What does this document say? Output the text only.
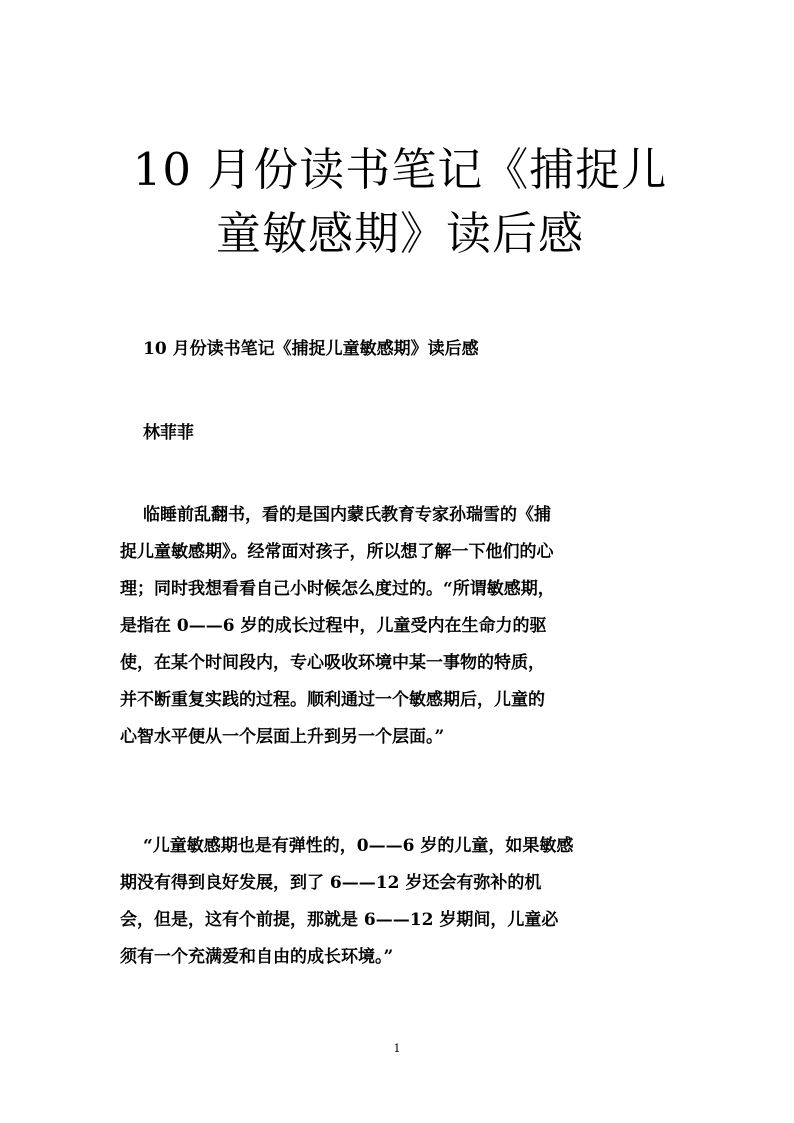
10 月份读书笔记《捕捉儿
童敏感期》读后感
10 月份读书笔记《捕捉儿童敏感期》读后感
林菲菲
临睡前乱翻书，看的是国内蒙氏教育专家孙瑞雪的《捕
捉儿童敏感期》。经常面对孩子，所以想了解一下他们的心
理；同时我想看看自己小时候怎么度过的。“所谓敏感期，
是指在 0——6 岁的成长过程中，儿童受内在生命力的驱
使，在某个时间段内，专心吸收环境中某一事物的特质，
并不断重复实践的过程。顺利通过一个敏感期后，儿童的
心智水平便从一个层面上升到另一个层面。”
“儿童敏感期也是有弹性的，0——6 岁的儿童，如果敏感
期没有得到良好发展，到了 6——12 岁还会有弥补的机
会，但是，这有个前提，那就是 6——12 岁期间，儿童必
须有一个充满爱和自由的成长环境。”
1
